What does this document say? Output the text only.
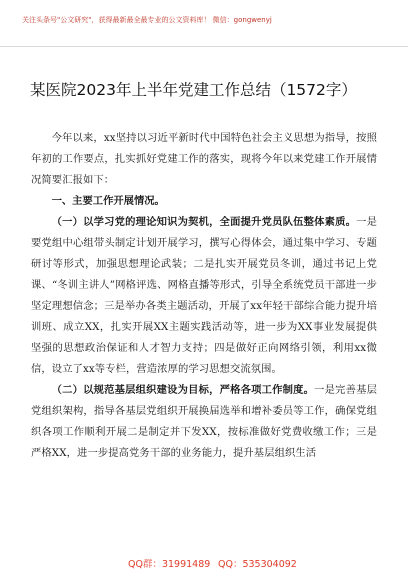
关注头条号"公文研究"，获得最新最全最专业的公文资料库！ 微信：gongwenyj
某医院2023年上半年党建工作总结（1572字）

今年以来，xx坚持以习近平新时代中国特色社会主义思想为指导，按照年初的工作要点，扎实抓好党建工作的落实，现将今年以来党建工作开展情况简要汇报如下：

一、主要工作开展情况。

（一）以学习党的理论知识为契机，全面提升党员队伍整体素质。一是要党组中心组带头制定计划开展学习，撰写心得体会，通过集中学习、专题研讨等形式，加强思想理论武装；二是扎实开展党员冬训，通过书记上党课、“冬训主讲人”网格评选、网格直播等形式，引导全系统党员干部进一步坚定理想信念；三是举办各类主题活动，开展了xx年轻干部综合能力提升培训班、成立XX，扎实开展XX主题实践活动等，进一步为XX事业发展提供坚强的思想政治保证和人才智力支持；四是做好正向网络引领，利用xx微信，设立了xx等专栏，营造浓厚的学习思想交流氛围。

（二）以规范基层组织建设为目标，严格各项工作制度。一是完善基层党组织架构，指导各基层党组织开展换届选举和增补委员等工作，确保党组织各项工作顺利开展二是制定并下发XX，按标准做好党费收缴工作；三是严格XX，进一步提高党务干部的业务能力，提升基层组织生活

QQ群：31991489 QQ：535304092
